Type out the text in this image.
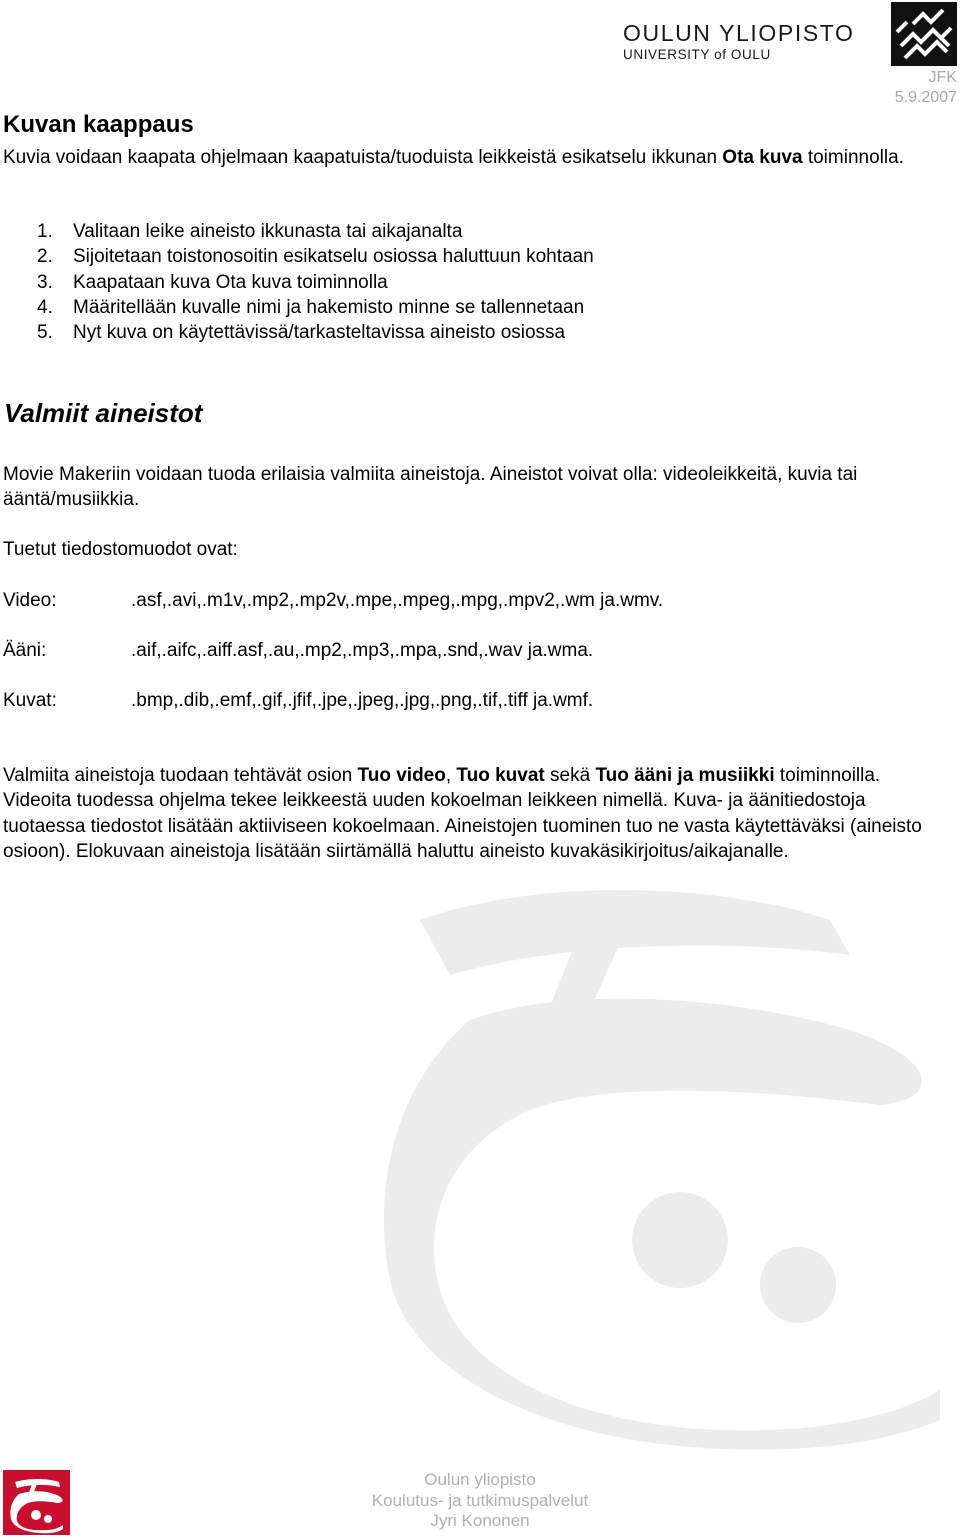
OULUN YLIOPISTO
UNIVERSITY of OULU
JFK
5.9.2007
Kuvan kaappaus

Kuvia voidaan kaapata ohjelmaan kaapatuista/tuoduista leikkeistä esikatselu ikkunan Ota kuva toiminnolla.

1. Valitaan leike aineisto ikkunasta tai aikajanalta
2. Sijoitetaan toistonosoitin esikatselu osiossa haluttuun kohtaan
3. Kaapataan kuva Ota kuva toiminnolla
4. Määritellään kuvalle nimi ja hakemisto minne se tallennetaan
5. Nyt kuva on käytettävissä/tarkasteltavissa aineisto osiossa
Valmiit aineistot

Movie Makeriin voidaan tuoda erilaisia valmiita aineistoja. Aineistot voivat olla: videoleikkeitä, kuvia tai ääntä/musiikkia.

Tuetut tiedostomuodot ovat:

Video:	.asf,.avi,.m1v,.mp2,.mp2v,.mpe,.mpeg,.mpg,.mpv2,.wm ja.wmv.
Ääni:	.aif,.aifc,.aiff.asf,.au,.mp2,.mp3,.mpa,.snd,.wav ja.wma.
Kuvat:	.bmp,.dib,.emf,.gif,.jfif,.jpe,.jpeg,.jpg,.png,.tif,.tiff ja.wmf.

Valmiita aineistoja tuodaan tehtävät osion Tuo video, Tuo kuvat sekä Tuo ääni ja musiikki toiminnoilla. Videoita tuodessa ohjelma tekee leikkeestä uuden kokoelman leikkeen nimellä. Kuva- ja äänitiedostoja tuotaessa tiedostot lisätään aktiiviseen kokoelmaan. Aineistojen tuominen tuo ne vasta käytettäväksi (aineisto osioon). Elokuvaan aineistoja lisätään siirtämällä haluttu aineisto kuvakäsikirjoitus/aikajanalle.

Oulun yliopisto
Koulutus- ja tutkimuspalvelut
Jyri Kononen
